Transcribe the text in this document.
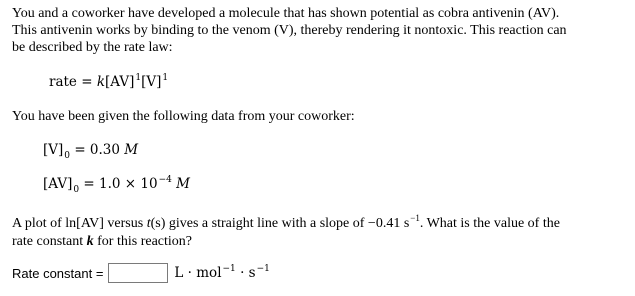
You and a coworker have developed a molecule that has shown potential as cobra antivenin (AV).
This antivenin works by binding to the venom (V), thereby rendering it nontoxic. This reaction can
be described by the rate law:

rate = $k[AV]^1[V]^1$

You have been given the following data from your coworker:

$[V]_0 = 0.30$ M
$[AV]_0 = 1.0 \times 10^{-4}$ M

A plot of ln[AV] versus t(s) gives a straight line with a slope of −0.41 $s^{-1}$. What is the value of the
rate constant k for this reaction?

Rate constant =	$L \cdot mol^{-1} \cdot s^{-1}$
